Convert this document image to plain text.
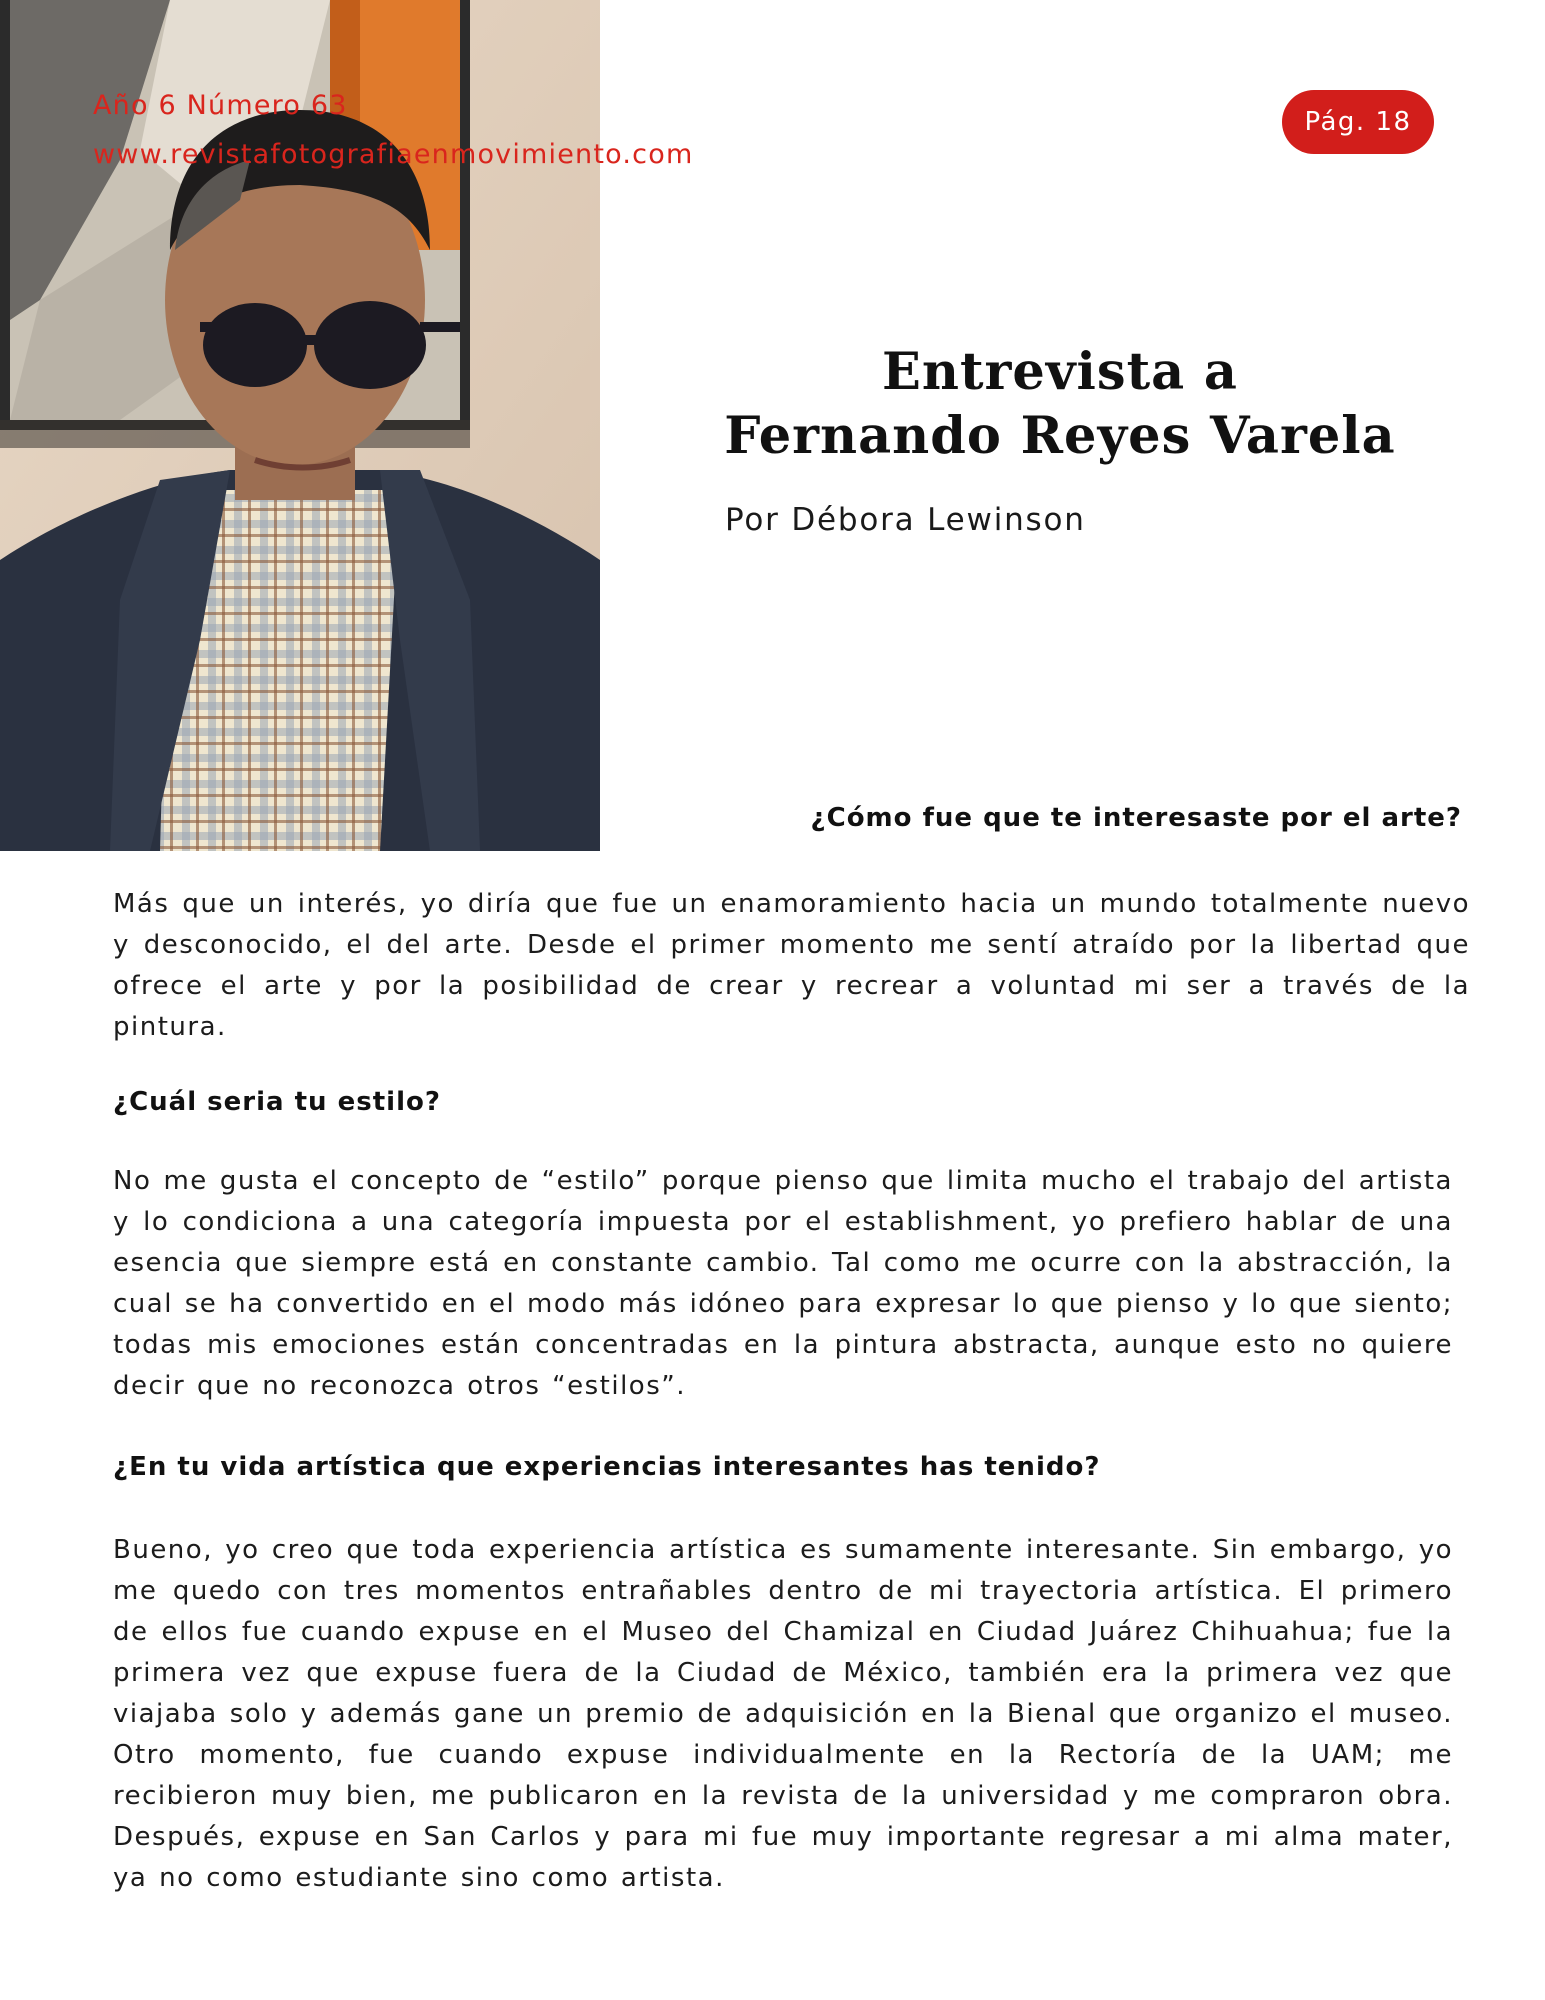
Año 6 Número 63

www.revistafotografiaenmovimiento.com

Pág. 18
Entrevista a
Fernando Reyes Varela

Por Débora Lewinson

¿Cómo fue que te interesaste por el arte?

Más que un interés, yo diría que fue un enamoramiento hacia un mundo totalmente nuevo y desconocido, el del arte. Desde el primer momento me sentí atraído por la libertad que ofrece el arte y por la posibilidad de crear y recrear a voluntad mi ser a través de la pintura.

¿Cuál seria tu estilo?

No me gusta el concepto de “estilo” porque pienso que limita mucho el trabajo del artista y lo condiciona a una categoría impuesta por el establishment, yo prefiero hablar de una esencia que siempre está en constante cambio. Tal como me ocurre con la abstracción, la cual se ha convertido en el modo más idóneo para expresar lo que pienso y lo que siento; todas mis emociones están concentradas en la pintura abstracta, aunque esto no quiere decir que no reconozca otros “estilos”.

¿En tu vida artística que experiencias interesantes has tenido?

Bueno, yo creo que toda experiencia artística es sumamente interesante. Sin embargo, yo me quedo con tres momentos entrañables dentro de mi trayectoria artística. El primero de ellos fue cuando expuse en el Museo del Chamizal en Ciudad Juárez Chihuahua; fue la primera vez que expuse fuera de la Ciudad de México, también era la primera vez que viajaba solo y además gane un premio de adquisición en la Bienal que organizo el museo. Otro momento, fue cuando expuse individualmente en la Rectoría de la UAM; me recibieron muy bien, me publicaron en la revista de la universidad y me compraron obra. Después, expuse en San Carlos y para mi fue muy importante regresar a mi alma mater, ya no como estudiante sino como artista.
